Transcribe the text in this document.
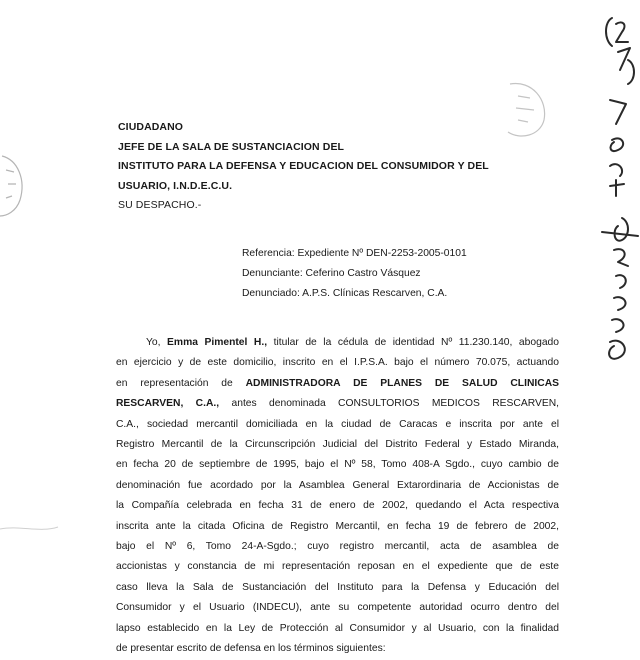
CIUDADANO
JEFE DE LA SALA DE SUSTANCIACION DEL
INSTITUTO PARA LA DEFENSA Y EDUCACION DEL CONSUMIDOR Y DEL
USUARIO, I.N.D.E.C.U.
SU DESPACHO.-
Referencia: Expediente Nº DEN-2253-2005-0101
Denunciante: Ceferino Castro Vásquez
Denunciado: A.P.S. Clínicas Rescarven, C.A.
Yo, Emma Pimentel H., titular de la cédula de identidad Nº 11.230.140, abogado
en ejercicio y de este domicilio, inscrito en el I.P.S.A. bajo el número 70.075, actuando
en representación de ADMINISTRADORA DE PLANES DE SALUD CLINICAS
RESCARVEN, C.A., antes denominada CONSULTORIOS MEDICOS RESCARVEN,
C.A., sociedad mercantil domiciliada en la ciudad de Caracas e inscrita por ante el
Registro Mercantil de la Circunscripción Judicial del Distrito Federal y Estado Miranda,
en fecha 20 de septiembre de 1995, bajo el Nº 58, Tomo 408-A Sgdo., cuyo cambio de
denominación fue acordado por la Asamblea General Extarordinaria de Accionistas de
la Compañía celebrada en fecha 31 de enero de 2002, quedando el Acta respectiva
inscrita ante la citada Oficina de Registro Mercantil, en fecha 19 de febrero de 2002,
bajo el Nº 6, Tomo 24-A-Sgdo.; cuyo registro mercantil, acta de asamblea de
accionistas y constancia de mi representación reposan en el expediente que de este
caso lleva la Sala de Sustanciación del Instituto para la Defensa y Educación del
Consumidor y el Usuario (INDECU), ante su competente autoridad ocurro dentro del
lapso establecido en la Ley de Protección al Consumidor y al Usuario, con la finalidad
de presentar escrito de defensa en los términos siguientes:
